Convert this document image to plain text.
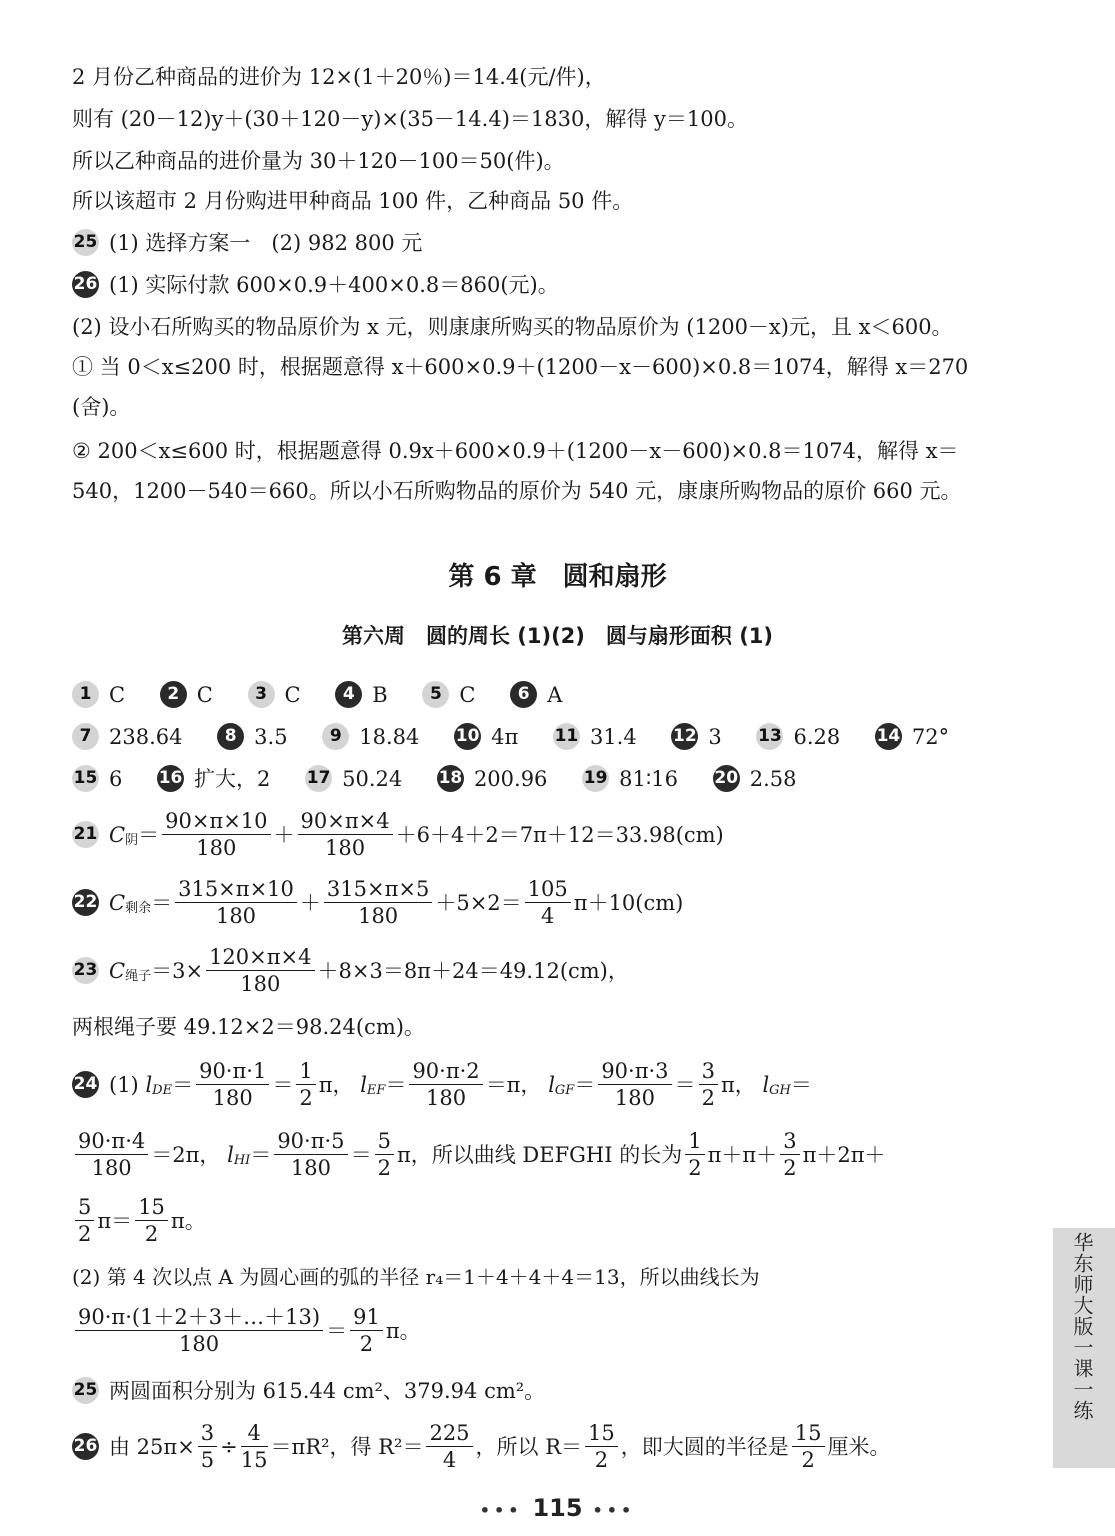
2 月份乙种商品的进价为 12×(1＋20％)＝14.4(元/件)，
则有 (20－12)y＋(30＋120－y)×(35－14.4)＝1830，解得 y＝100。
所以乙种商品的进价量为 30＋120－100＝50(件)。
所以该超市 2 月份购进甲种商品 100 件，乙种商品 50 件。
25 (1) 选择方案一　(2) 982 800 元
26 (1) 实际付款 600×0.9＋400×0.8＝860(元)。
(2) 设小石所购买的物品原价为 x 元，则康康所购买的物品原价为 (1200－x)元，且 x＜600。
① 当 0＜x≤200 时，根据题意得 x＋600×0.9＋(1200－x－600)×0.8＝1074，解得 x＝270
(舍)。
② 200＜x≤600 时，根据题意得 0.9x＋600×0.9＋(1200－x－600)×0.8＝1074，解得 x＝
540，1200－540＝660。所以小石所购物品的原价为 540 元，康康所购物品的原价 660 元。
第 6 章　圆和扇形
第六周　圆的周长 (1)(2)　圆与扇形面积 (1)
1 C 2 C 3 C 4 B 5 C 6 A
7 238.64 8 3.5 9 18.84 10 4π 11 31.4 12 3 13 6.28 14 72°
15 6 16 扩大，2 17 50.24 18 200.96 19 81∶16 20 2.58
21 C阴＝ $\frac{90\times\pi\times 10}{180} + \frac{90\times\pi\times 4}{180} +6+4+2=7\pi+12=33.98(cm)$
22 C剩余＝ $\frac{315\times\pi\times 10}{180} + \frac{315\times\pi\times 5}{180} +5\times 2= \frac{105}{4} \pi+10(cm)$
23 C绳子$=3\times \frac{120\times\pi\times 4}{180} +8\times 3=8\pi+24=49.12(cm)$，
两根绳子要 49.12×2＝98.24(cm)。
24 (1) $lDE= \frac{90\cdot\pi\cdot 1}{180} = \frac{1}{2}$ π， $lEF= \frac{90\cdot\pi\cdot 2}{180} =\pi$， $lGF= \frac{90\cdot\pi\cdot 3}{180} = \frac{3}{2}$ π， lGH＝
$\frac{90\cdot\pi\cdot 4}{180} =2\pi$， $lHI= \frac{90\cdot\pi\cdot 5}{180} = \frac{5}{2}$ π，所以曲线 DEFGHI 的长为 $\frac{1}{2} \pi+\pi+ \frac{3}{2} \pi+2\pi+$
$\frac{5}{2} \pi= \frac{15}{2}$ π。
(2) 第 4 次以点 A 为圆心画的弧的半径 r₄＝1＋4＋4＋4＝13，所以曲线长为
$\frac{90\cdot\pi\cdot(1+2+3+\dots+13)}{180} = \frac{91}{2}$ π。
25 两圆面积分别为 615.44 cm²、379.94 cm²。
26 由 $25\pi\times \frac{3}{5} \div \frac{4}{15} =\pi R^2$，得 $R^2= \frac{225}{4}$ ，所以 $R= \frac{15}{2}$ ，即大圆的半径是 $\frac{15}{2}$ 厘米。
华东师大版一课一练
••• 115 •••
